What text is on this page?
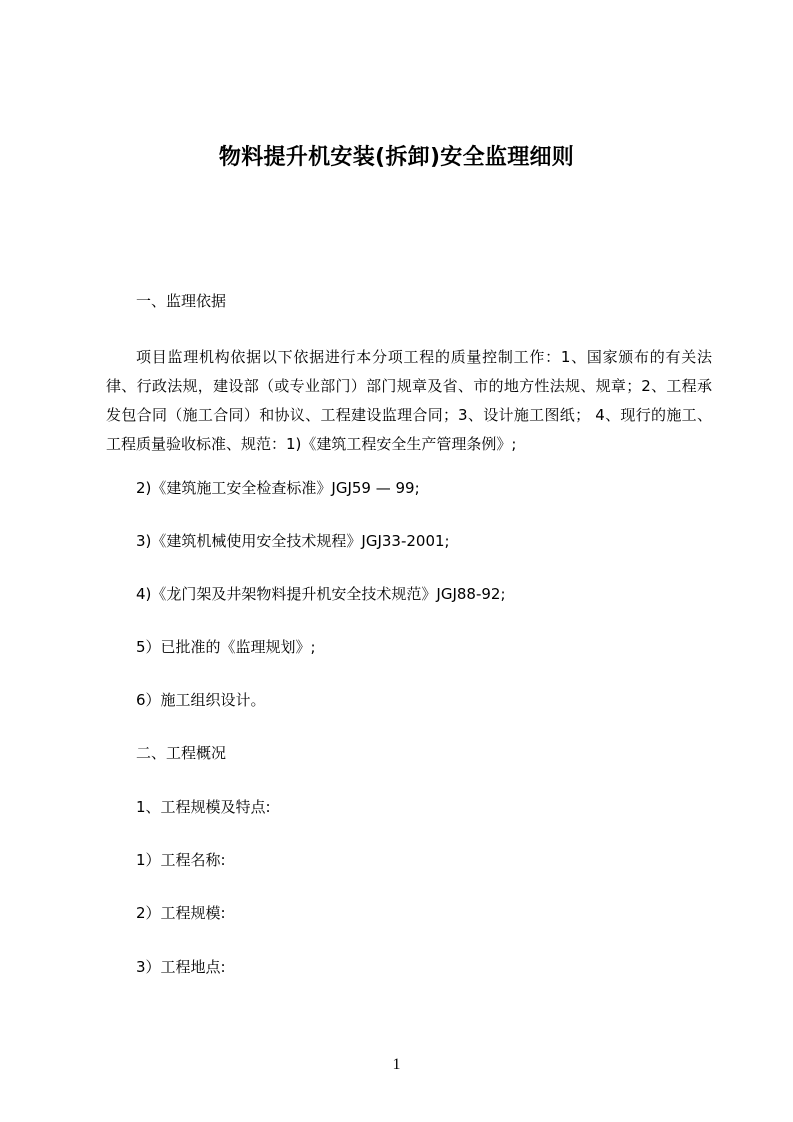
物料提升机安装(拆卸)安全监理细则
一、监理依据
项目监理机构依据以下依据进行本分项工程的质量控制工作：1、国家颁布的有关法律、行政法规，建设部（或专业部门）部门规章及省、市的地方性法规、规章；2、工程承发包合同（施工合同）和协议、工程建设监理合同；3、设计施工图纸； 4、现行的施工、工程质量验收标准、规范：1)《建筑工程安全生产管理条例》;
2)《建筑施工安全检查标准》JGJ59 — 99;
3)《建筑机械使用安全技术规程》JGJ33-2001;
4)《龙门架及井架物料提升机安全技术规范》JGJ88-92;
5）已批准的《监理规划》;
6）施工组织设计。
二、工程概况
1、工程规模及特点:
1）工程名称:
2）工程规模:
3）工程地点:
1
